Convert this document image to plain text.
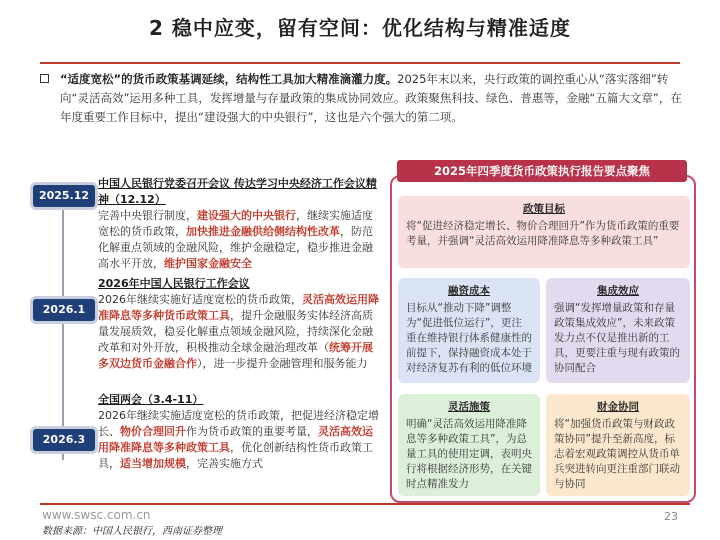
2 稳中应变，留有空间：优化结构与精准适度

“适度宽松”的货币政策基调延续，结构性工具加大精准滴灌力度。2025年末以来，央行政策的调控重心从“落实落细”转向“灵活高效”运用多种工具，发挥增量与存量政策的集成协同效应。政策聚焦科技、绿色、普惠等，金融“五篇大文章”，在年度重要工作目标中，提出“建设强大的中央银行”，这也是六个强大的第二项。

2025.12
中国人民银行党委召开会议 传达学习中央经济工作会议精神（12.12）
完善中央银行制度，建设强大的中央银行，继续实施适度宽松的货币政策，加快推进金融供给侧结构性改革，防范化解重点领域的金融风险，维护金融稳定，稳步推进金融高水平开放，维护国家金融安全
2026.1
2026年中国人民银行工作会议
2026年继续实施好适度宽松的货币政策，灵活高效运用降准降息等多种货币政策工具，提升金融服务实体经济高质量发展质效，稳妥化解重点领域金融风险，持续深化金融改革和对外开放，积极推动全球金融治理改革（统筹开展多双边货币金融合作），进一步提升金融管理和服务能力
2026.3
全国两会（3.4-11）
2026年继续实施适度宽松的货币政策，把促进经济稳定增长、物价合理回升作为货币政策的重要考量，灵活高效运用降准降息等多种政策工具，优化创新结构性货币政策工具，适当增加规模，完善实施方式
2025年四季度货币政策执行报告要点聚焦
政策目标
将“促进经济稳定增长、物价合理回升”作为货币政策的重要考量，并强调“灵活高效运用降准降息等多种政策工具”
融资成本
目标从“推动下降”调整为“促进低位运行”，更注重在维持银行体系健康性的前提下，保持融资成本处于对经济复苏有利的低位环境
集成效应
强调“发挥增量政策和存量政策集成效应”，未来政策发力点不仅是推出新的工具，更要注重与现有政策的协同配合
灵活施策
明确“灵活高效运用降准降息等多种政策工具”，为总量工具的使用定调，表明央行将根据经济形势，在关键时点精准发力
财金协同
将“加强货币政策与财政政策协同”提升至新高度，标志着宏观政策调控从货币单兵突进转向更注重部门联动与协同
www.swsc.com.cn
数据来源：中国人民银行，西南证券整理
23
